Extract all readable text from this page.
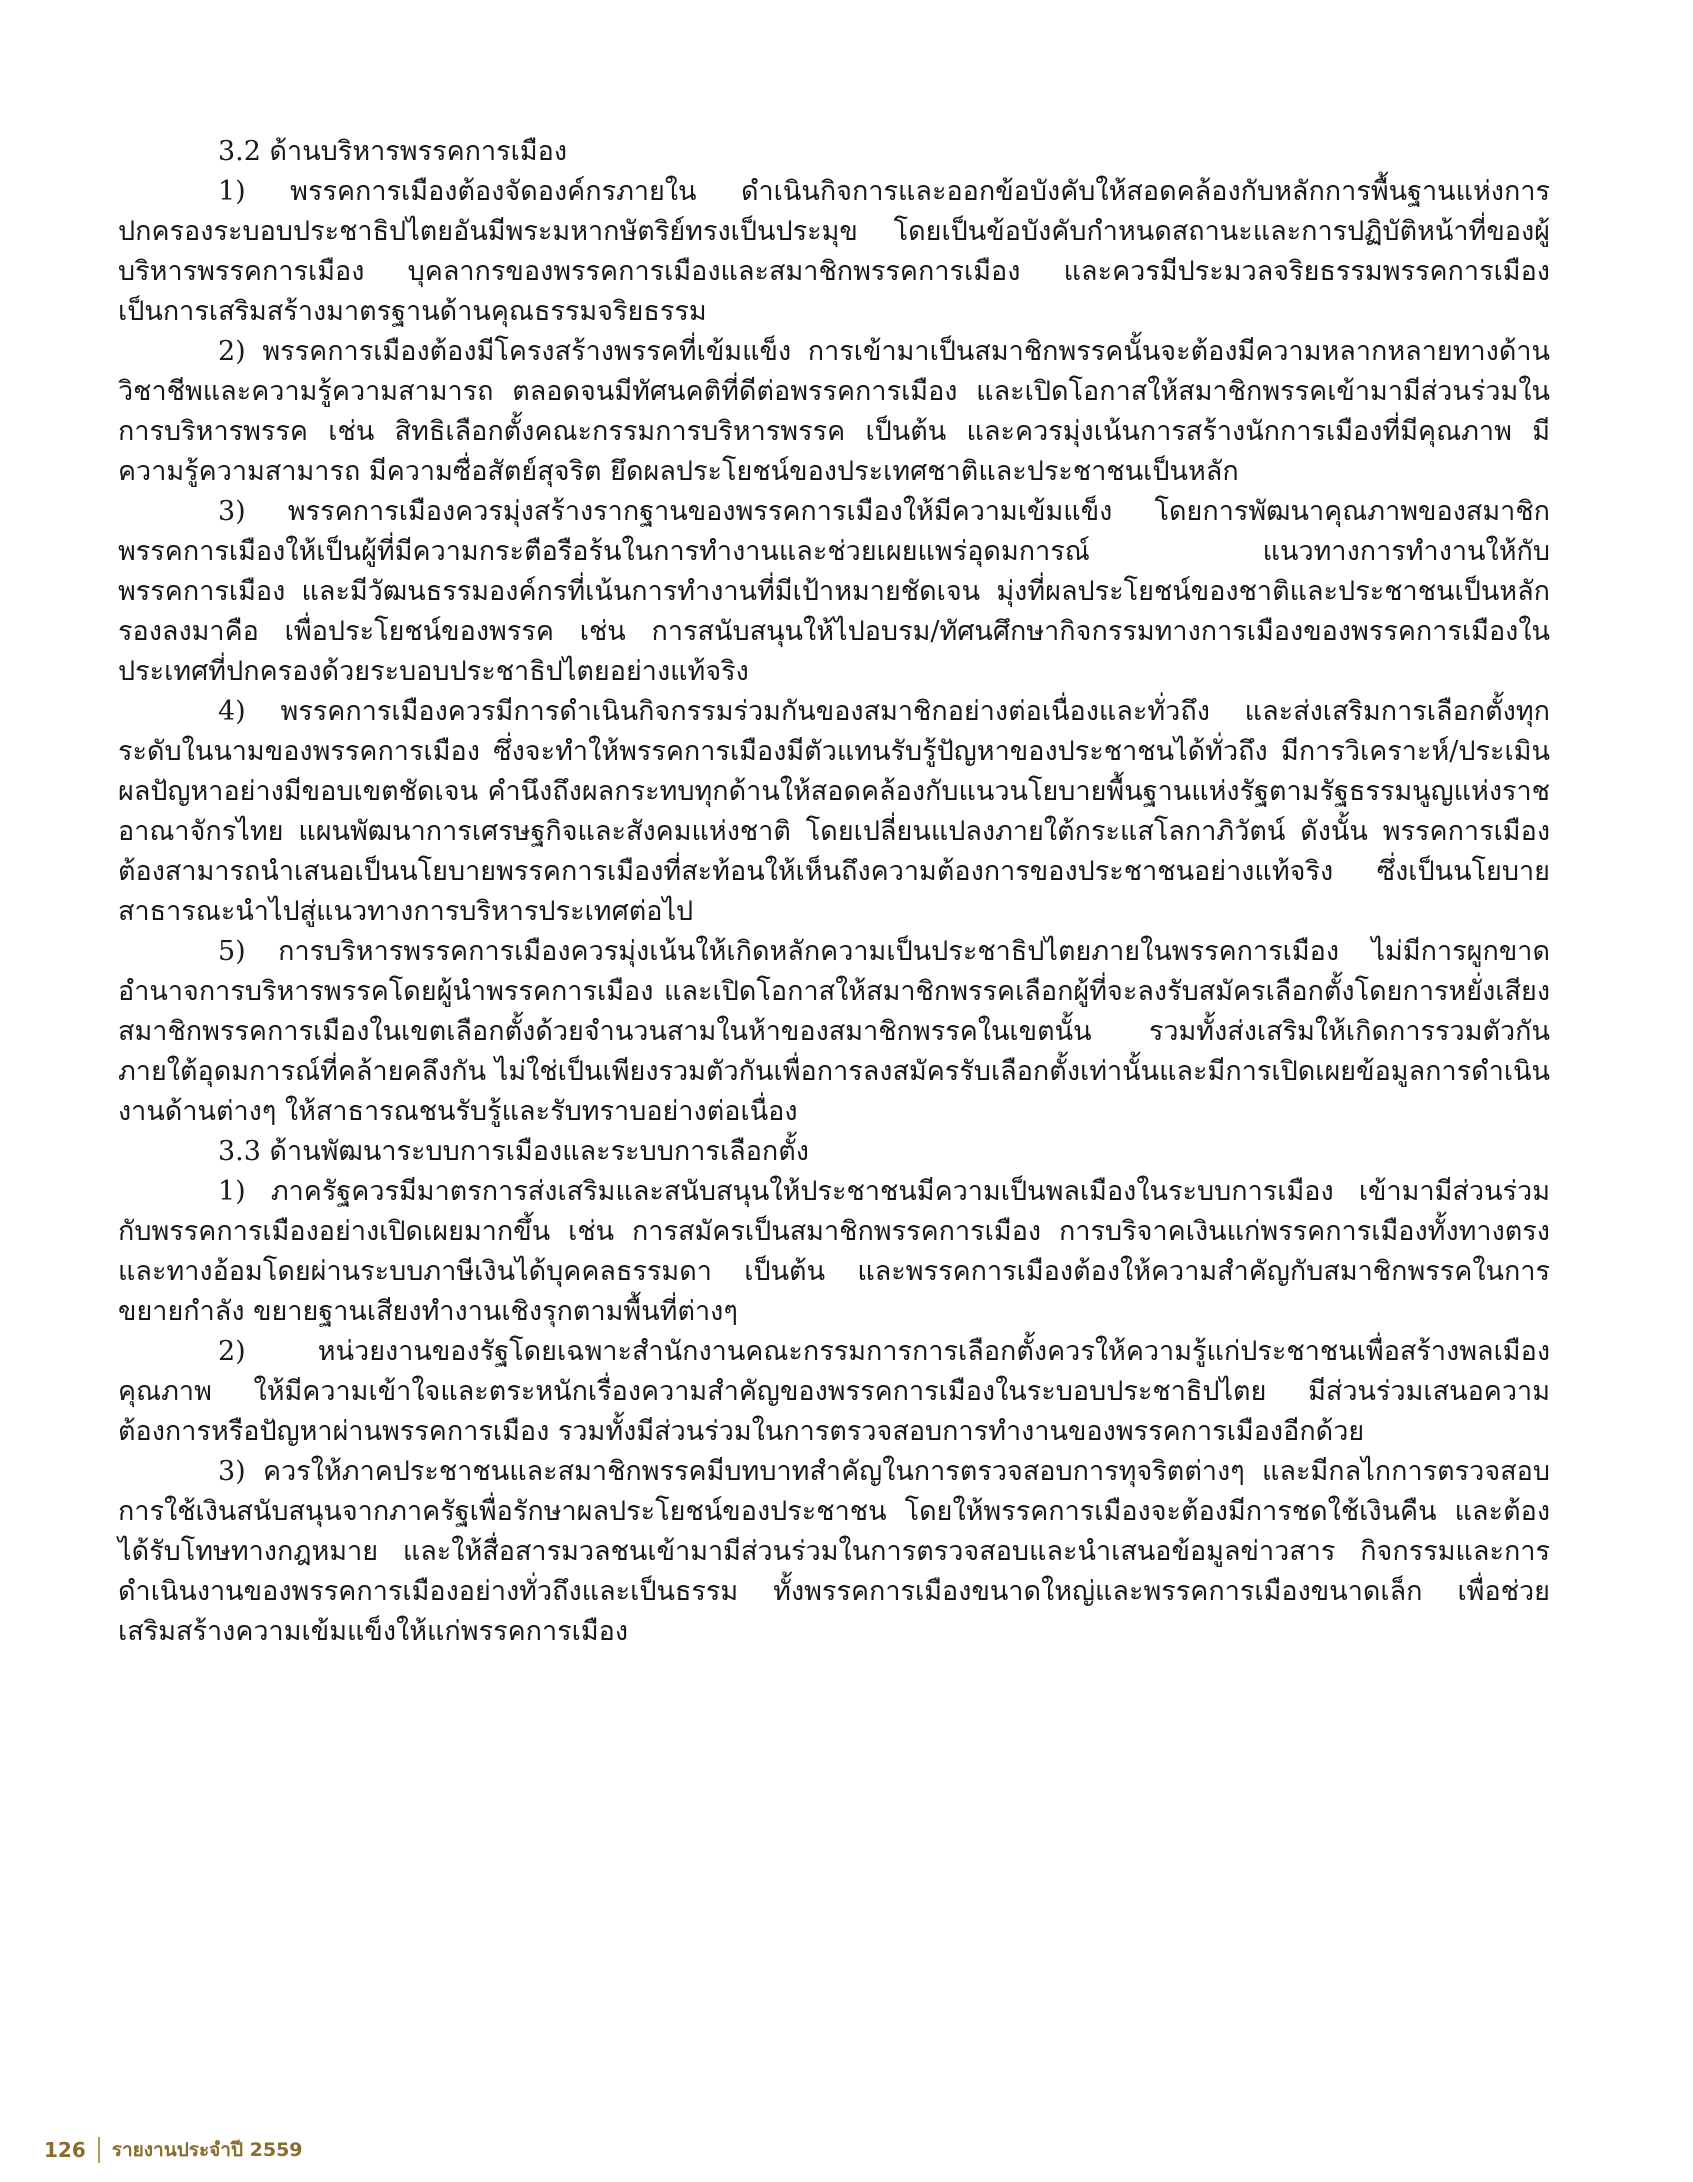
3.2 ด้านบริหารพรรคการเมือง

1) พรรคการเมืองต้องจัดองค์กรภายใน ดำเนินกิจการและออกข้อบังคับให้สอดคล้องกับหลักการพื้นฐานแห่งการปกครองระบอบประชาธิปไตยอันมีพระมหากษัตริย์ทรงเป็นประมุข โดยเป็นข้อบังคับกำหนดสถานะและการปฏิบัติหน้าที่ของผู้บริหารพรรคการเมือง บุคลากรของพรรคการเมืองและสมาชิกพรรคการเมือง และควรมีประมวลจริยธรรมพรรคการเมืองเป็นการเสริมสร้างมาตรฐานด้านคุณธรรมจริยธรรม

2) พรรคการเมืองต้องมีโครงสร้างพรรคที่เข้มแข็ง การเข้ามาเป็นสมาชิกพรรคนั้นจะต้องมีความหลากหลายทางด้านวิชาชีพและความรู้ความสามารถ ตลอดจนมีทัศนคติที่ดีต่อพรรคการเมือง และเปิดโอกาสให้สมาชิกพรรคเข้ามามีส่วนร่วมในการบริหารพรรค เช่น สิทธิเลือกตั้งคณะกรรมการบริหารพรรค เป็นต้น และควรมุ่งเน้นการสร้างนักการเมืองที่มีคุณภาพ มีความรู้ความสามารถ มีความซื่อสัตย์สุจริต ยึดผลประโยชน์ของประเทศชาติและประชาชนเป็นหลัก

3) พรรคการเมืองควรมุ่งสร้างรากฐานของพรรคการเมืองให้มีความเข้มแข็ง โดยการพัฒนาคุณภาพของสมาชิกพรรคการเมืองให้เป็นผู้ที่มีความกระตือรือร้นในการทำงานและช่วยเผยแพร่อุดมการณ์ แนวทางการทำงานให้กับพรรคการเมือง และมีวัฒนธรรมองค์กรที่เน้นการทำงานที่มีเป้าหมายชัดเจน มุ่งที่ผลประโยชน์ของชาติและประชาชนเป็นหลัก รองลงมาคือ เพื่อประโยชน์ของพรรค เช่น การสนับสนุนให้ไปอบรม/ทัศนศึกษากิจกรรมทางการเมืองของพรรคการเมืองในประเทศที่ปกครองด้วยระบอบประชาธิปไตยอย่างแท้จริง

4) พรรคการเมืองควรมีการดำเนินกิจกรรมร่วมกันของสมาชิกอย่างต่อเนื่องและทั่วถึง และส่งเสริมการเลือกตั้งทุกระดับในนามของพรรคการเมือง ซึ่งจะทำให้พรรคการเมืองมีตัวแทนรับรู้ปัญหาของประชาชนได้ทั่วถึง มีการวิเคราะห์/ประเมินผลปัญหาอย่างมีขอบเขตชัดเจน คำนึงถึงผลกระทบทุกด้านให้สอดคล้องกับแนวนโยบายพื้นฐานแห่งรัฐตามรัฐธรรมนูญแห่งราชอาณาจักรไทย แผนพัฒนาการเศรษฐกิจและสังคมแห่งชาติ โดยเปลี่ยนแปลงภายใต้กระแสโลกาภิวัตน์ ดังนั้น พรรคการเมืองต้องสามารถนำเสนอเป็นนโยบายพรรคการเมืองที่สะท้อนให้เห็นถึงความต้องการของประชาชนอย่างแท้จริง ซึ่งเป็นนโยบายสาธารณะนำไปสู่แนวทางการบริหารประเทศต่อไป

5) การบริหารพรรคการเมืองควรมุ่งเน้นให้เกิดหลักความเป็นประชาธิปไตยภายในพรรคการเมือง ไม่มีการผูกขาดอำนาจการบริหารพรรคโดยผู้นำพรรคการเมือง และเปิดโอกาสให้สมาชิกพรรคเลือกผู้ที่จะลงรับสมัครเลือกตั้งโดยการหยั่งเสียงสมาชิกพรรคการเมืองในเขตเลือกตั้งด้วยจำนวนสามในห้าของสมาชิกพรรคในเขตนั้น รวมทั้งส่งเสริมให้เกิดการรวมตัวกันภายใต้อุดมการณ์ที่คล้ายคลึงกัน ไม่ใช่เป็นเพียงรวมตัวกันเพื่อการลงสมัครรับเลือกตั้งเท่านั้นและมีการเปิดเผยข้อมูลการดำเนินงานด้านต่างๆ ให้สาธารณชนรับรู้และรับทราบอย่างต่อเนื่อง

3.3 ด้านพัฒนาระบบการเมืองและระบบการเลือกตั้ง

1) ภาครัฐควรมีมาตรการส่งเสริมและสนับสนุนให้ประชาชนมีความเป็นพลเมืองในระบบการเมือง เข้ามามีส่วนร่วมกับพรรคการเมืองอย่างเปิดเผยมากขึ้น เช่น การสมัครเป็นสมาชิกพรรคการเมือง การบริจาคเงินแก่พรรคการเมืองทั้งทางตรงและทางอ้อมโดยผ่านระบบภาษีเงินได้บุคคลธรรมดา เป็นต้น และพรรคการเมืองต้องให้ความสำคัญกับสมาชิกพรรคในการขยายกำลัง ขยายฐานเสียงทำงานเชิงรุกตามพื้นที่ต่างๆ

2) หน่วยงานของรัฐโดยเฉพาะสำนักงานคณะกรรมการการเลือกตั้งควรให้ความรู้แก่ประชาชนเพื่อสร้างพลเมืองคุณภาพ ให้มีความเข้าใจและตระหนักเรื่องความสำคัญของพรรคการเมืองในระบอบประชาธิปไตย มีส่วนร่วมเสนอความต้องการหรือปัญหาผ่านพรรคการเมือง รวมทั้งมีส่วนร่วมในการตรวจสอบการทำงานของพรรคการเมืองอีกด้วย

3) ควรให้ภาคประชาชนและสมาชิกพรรคมีบทบาทสำคัญในการตรวจสอบการทุจริตต่างๆ และมีกลไกการตรวจสอบการใช้เงินสนับสนุนจากภาครัฐเพื่อรักษาผลประโยชน์ของประชาชน โดยให้พรรคการเมืองจะต้องมีการชดใช้เงินคืน และต้องได้รับโทษทางกฎหมาย และให้สื่อสารมวลชนเข้ามามีส่วนร่วมในการตรวจสอบและนำเสนอข้อมูลข่าวสาร กิจกรรมและการดำเนินงานของพรรคการเมืองอย่างทั่วถึงและเป็นธรรม ทั้งพรรคการเมืองขนาดใหญ่และพรรคการเมืองขนาดเล็ก เพื่อช่วยเสริมสร้างความเข้มแข็งให้แก่พรรคการเมือง

126 รายงานประจำปี 2559
